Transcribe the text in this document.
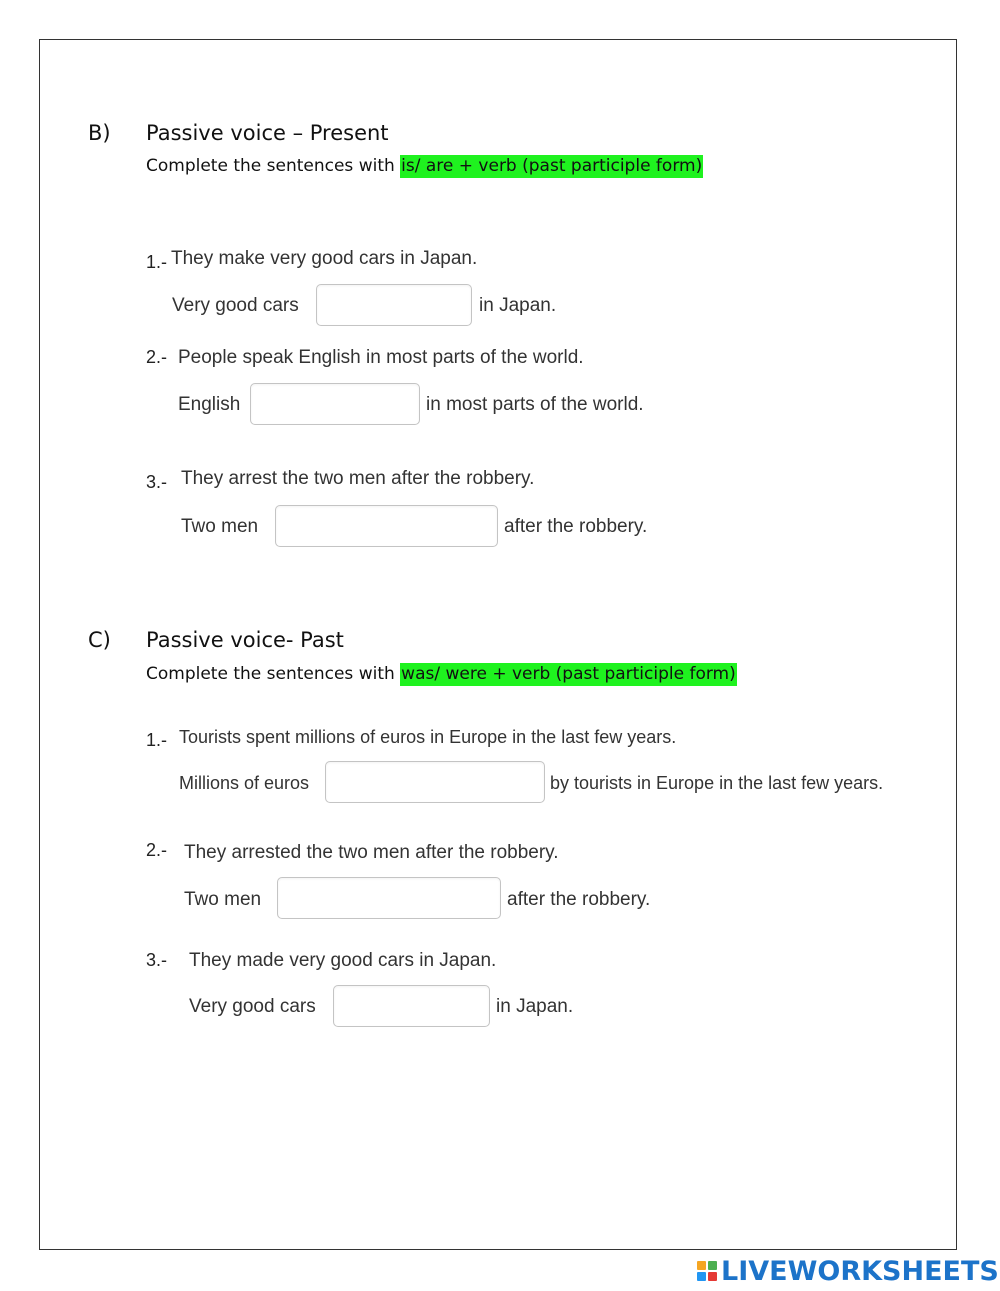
B) Passive voice – Present
Complete the sentences with is/ are + verb (past participle form)
1.- They make very good cars in Japan.
Very good cars	in Japan.
2.- People speak English in most parts of the world.
English	in most parts of the world.
3.- They arrest the two men after the robbery.
Two men	after the robbery.
C) Passive voice- Past
Complete the sentences with was/ were + verb (past participle form)
1.- Tourists spent millions of euros in Europe in the last few years.
Millions of euros	by tourists in Europe in the last few years.
2.- They arrested the two men after the robbery.
Two men	after the robbery.
3.- They made very good cars in Japan.
Very good cars	in Japan.
LIVEWORKSHEETS
